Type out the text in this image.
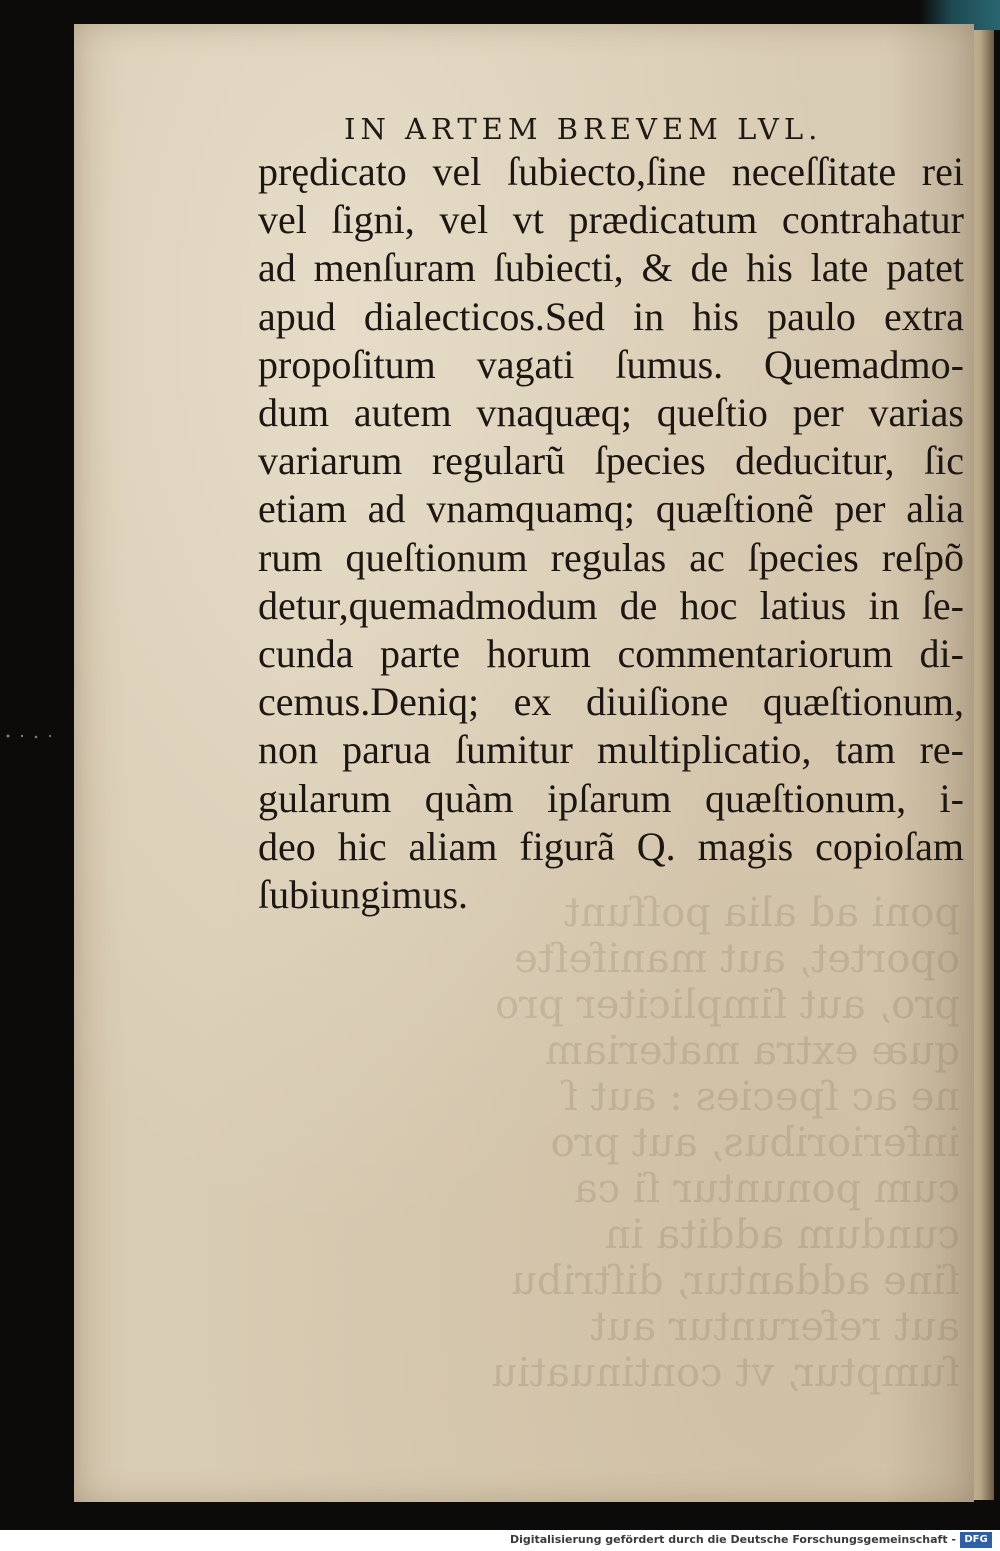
poni ad alia poſſunt
oportet, aut manifeſte
pro, aut ſimpliciter pro
quæ extra materiam
ne ac ſpecies : aut ſ
inferioribus, aut pro
cum ponuntur ſi ca
cundum addita in
ſine addantur, diſtribu
aut referuntur aut
ſumptur, vt continuatiu
IN ARTEM BREVEM LVL.
prędicato vel ſubiecto,ſine neceſſitate rei
vel ſigni, vel vt prædicatum contrahatur
ad menſuram ſubiecti, & de his late patet
apud dialecticos.Sed in his paulo extra
propoſitum vagati ſumus. Quemadmo-
dum autem vnaquæq; queſtio per varias
variarum regularũ ſpecies deducitur, ſic
etiam ad vnamquamq; quæſtionẽ per alia
rum queſtionum regulas ac ſpecies reſpõ
detur,quemadmodum de hoc latius in ſe-
cunda parte horum commentariorum di-
cemus.Deniq; ex diuiſione quæſtionum,
non parua ſumitur multiplicatio, tam re-
gularum quàm ipſarum quæſtionum, i-
deo hic aliam figurã Q. magis copioſam
ſubiungimus.
Digitalisierung gefördert durch die Deutsche Forschungsgemeinschaft - DFG
